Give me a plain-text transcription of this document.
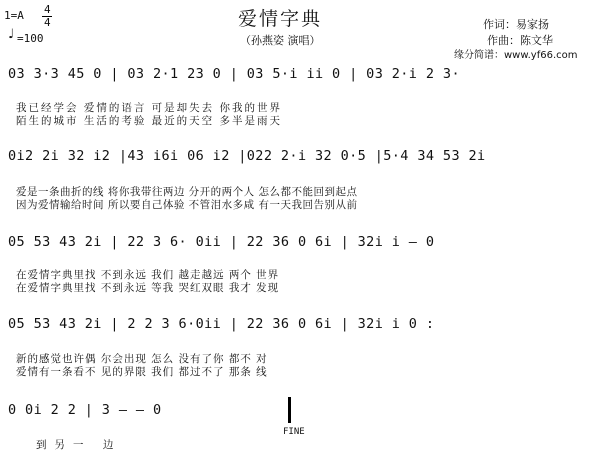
爱情字典
（孙燕姿 演唱）
1=A 4
4
♩ =100
作词：易家扬
作曲：陈文华
缘分简谱：www.yf66.com
03 3·3 45 0 | 03 2·1 23 0 | 03 5·i ii 0 | 03 2·i 2 3·
我已经学会 爱情的语言 可是却失去 你我的世界
陌生的城市 生活的考验 最近的天空 多半是雨天
0i2 2i 32 i2 |43 i6i 06 i2 |022 2·i 32 0·5 |5·4 34 53 2i
爱是一条曲折的线 将你我带往两边 分开的两个人 怎么都不能回到起点
因为爱情输给时间 所以要自己体验 不管泪水多咸 有一天我回告别从前
05 53 43 2i | 22 3 6· 0ii | 22 36 0 6i | 32i i – 0
在爱情字典里找 不到永远 我们 越走越远 两个 世界
在爱情字典里找 不到永远 等我 哭红双眼 我才 发现
05 53 43 2i | 2 2 3 6·0ii | 22 36 0 6i | 32i i 0 :
新的感觉也许偶 尔会出现 怎么 没有了你 都不 对
爱情有一条看不 见的界限 我们 都过不了 那条 线
0 0i 2 2 | 3 – – 0
到另一 边
FINE
